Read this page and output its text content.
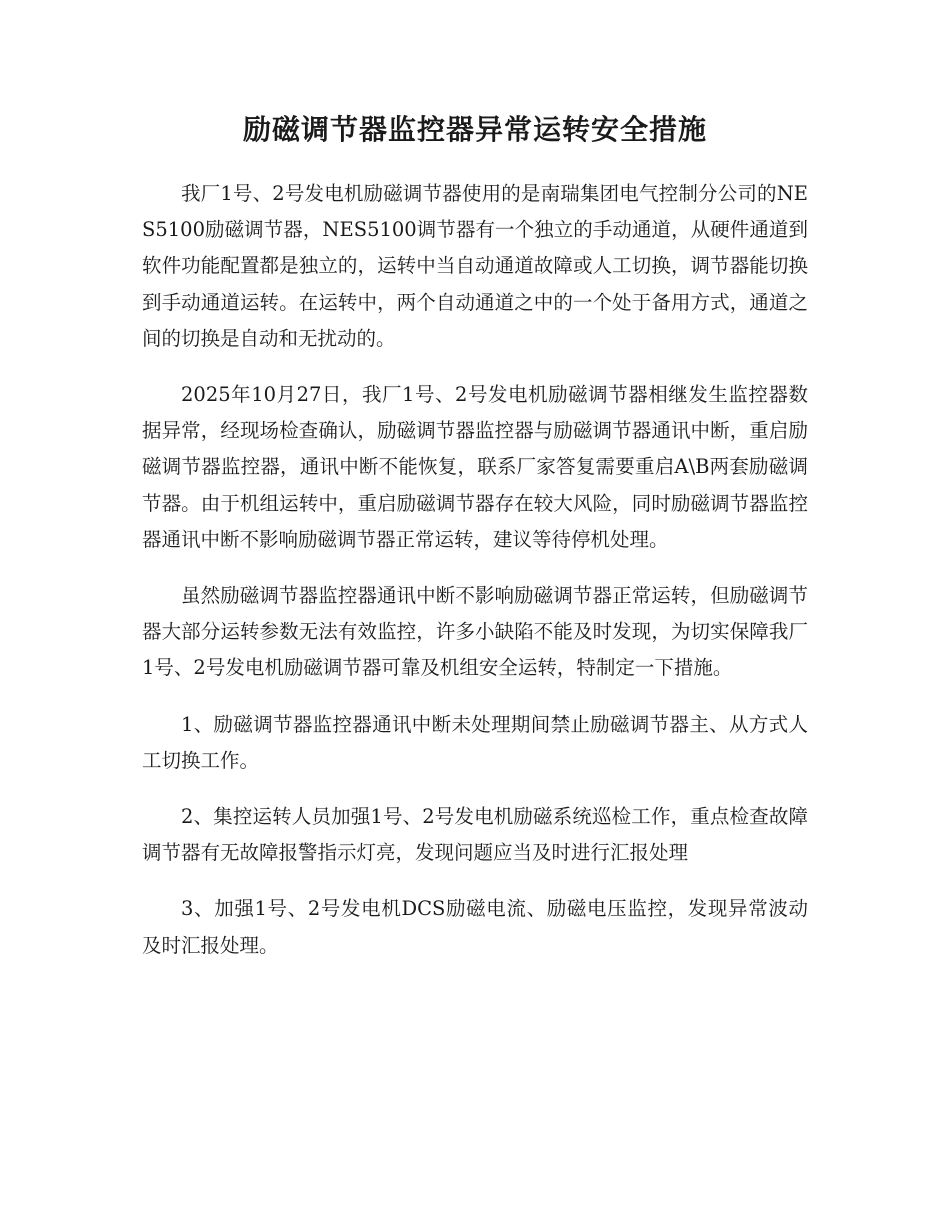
励磁调节器监控器异常运转安全措施

我厂1号、2号发电机励磁调节器使用的是南瑞集团电气控制分公司的NES5100励磁调节器，NES5100调节器有一个独立的手动通道，从硬件通道到软件功能配置都是独立的，运转中当自动通道故障或人工切换，调节器能切换到手动通道运转。在运转中，两个自动通道之中的一个处于备用方式，通道之间的切换是自动和无扰动的。

2025年10月27日，我厂1号、2号发电机励磁调节器相继发生监控器数据异常，经现场检查确认，励磁调节器监控器与励磁调节器通讯中断，重启励磁调节器监控器，通讯中断不能恢复，联系厂家答复需要重启A\B两套励磁调节器。由于机组运转中，重启励磁调节器存在较大风险，同时励磁调节器监控器通讯中断不影响励磁调节器正常运转，建议等待停机处理。

虽然励磁调节器监控器通讯中断不影响励磁调节器正常运转，但励磁调节器大部分运转参数无法有效监控，许多小缺陷不能及时发现，为切实保障我厂1号、2号发电机励磁调节器可靠及机组安全运转，特制定一下措施。

1、励磁调节器监控器通讯中断未处理期间禁止励磁调节器主、从方式人工切换工作。

2、集控运转人员加强1号、2号发电机励磁系统巡检工作，重点检查故障调节器有无故障报警指示灯亮，发现问题应当及时进行汇报处理

3、加强1号、2号发电机DCS励磁电流、励磁电压监控，发现异常波动及时汇报处理。
